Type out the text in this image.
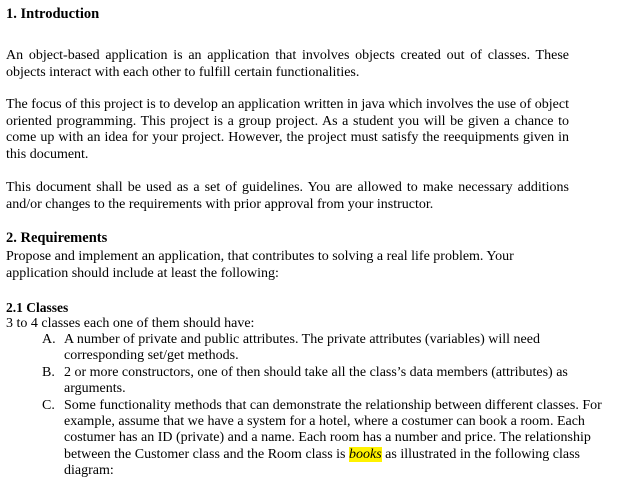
1. Introduction

An object-based application is an application that involves objects created out of classes. These objects interact with each other to fulfill certain functionalities.

The focus of this project is to develop an application written in java which involves the use of object oriented programming. This project is a group project. As a student you will be given a chance to come up with an idea for your project. However, the project must satisfy the reequipments given in this document.

This document shall be used as a set of guidelines. You are allowed to make necessary additions and/or changes to the requirements with prior approval from your instructor.

2. Requirements

Propose and implement an application, that contributes to solving a real life problem. Your application should include at least the following:

2.1 Classes

3 to 4 classes each one of them should have:

A. A number of private and public attributes. The private attributes (variables) will need corresponding set/get methods.
B. 2 or more constructors, one of then should take all the class’s data members (attributes) as arguments.
C. Some functionality methods that can demonstrate the relationship between different classes. For example, assume that we have a system for a hotel, where a costumer can book a room. Each costumer has an ID (private) and a name. Each room has a number and price. The relationship between the Customer class and the Room class is books as illustrated in the following class diagram:
